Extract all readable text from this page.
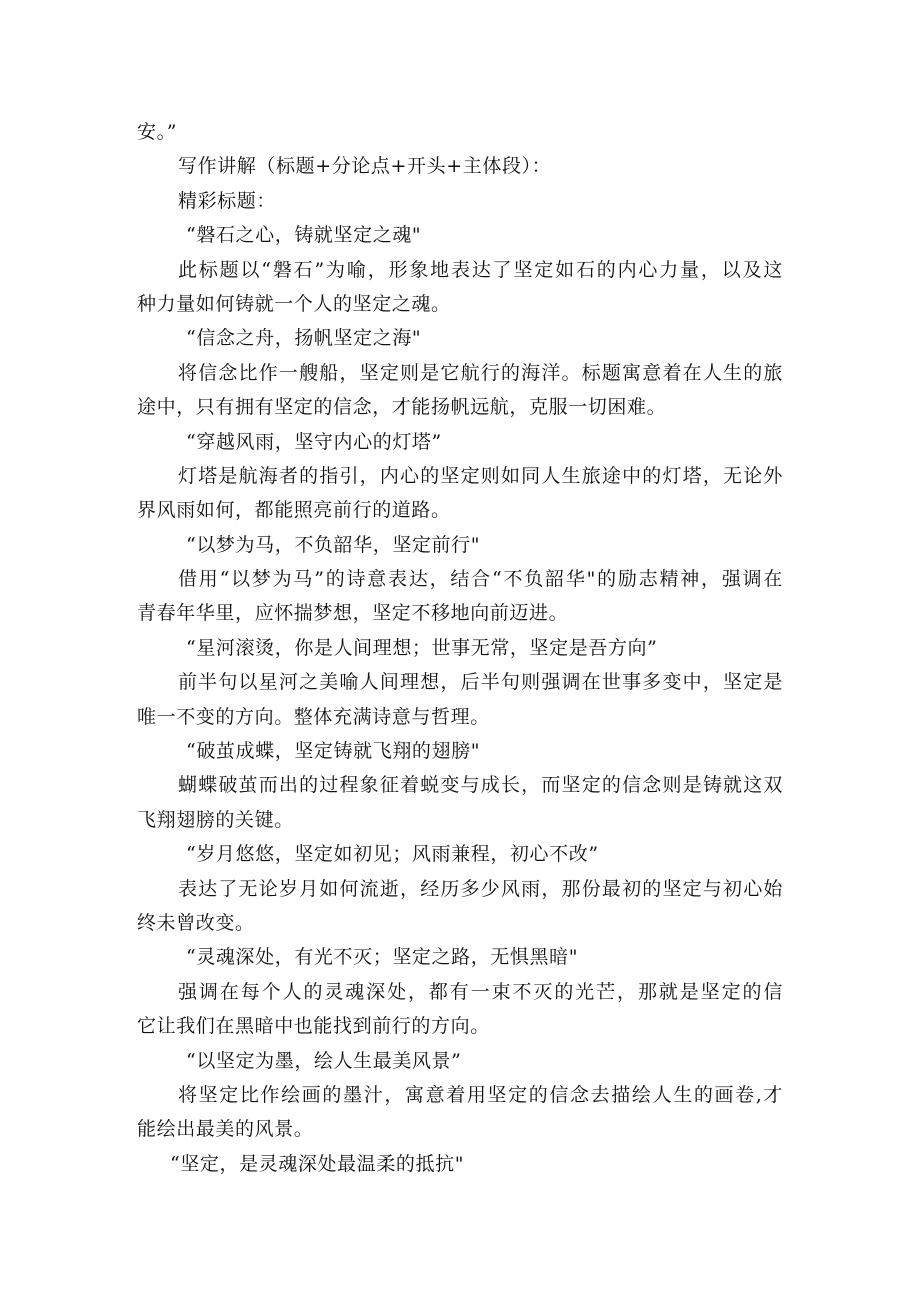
安。”
写作讲解（标题+分论点+开头+主体段）：
精彩标题：
“磐石之心，铸就坚定之魂"
此标题以“磐石”为喻，形象地表达了坚定如石的内心力量，以及这
种力量如何铸就一个人的坚定之魂。
“信念之舟，扬帆坚定之海"
将信念比作一艘船，坚定则是它航行的海洋。标题寓意着在人生的旅
途中，只有拥有坚定的信念，才能扬帆远航，克服一切困难。
“穿越风雨，坚守内心的灯塔”
灯塔是航海者的指引，内心的坚定则如同人生旅途中的灯塔，无论外
界风雨如何，都能照亮前行的道路。
“以梦为马，不负韶华，坚定前行"
借用“以梦为马”的诗意表达，结合“不负韶华"的励志精神，强调在
青春年华里，应怀揣梦想，坚定不移地向前迈进。
“星河滚烫，你是人间理想；世事无常，坚定是吾方向”
前半句以星河之美喻人间理想，后半句则强调在世事多变中，坚定是
唯一不变的方向。整体充满诗意与哲理。
“破茧成蝶，坚定铸就飞翔的翅膀"
蝴蝶破茧而出的过程象征着蜕变与成长，而坚定的信念则是铸就这双
飞翔翅膀的关键。
“岁月悠悠，坚定如初见；风雨兼程，初心不改”
表达了无论岁月如何流逝，经历多少风雨，那份最初的坚定与初心始
终未曾改变。
“灵魂深处，有光不灭；坚定之路，无惧黑暗"
强调在每个人的灵魂深处，都有一束不灭的光芒，那就是坚定的信
它让我们在黑暗中也能找到前行的方向。
“以坚定为墨，绘人生最美风景”
将坚定比作绘画的墨汁，寓意着用坚定的信念去描绘人生的画卷,才
能绘出最美的风景。
“坚定，是灵魂深处最温柔的抵抗"
